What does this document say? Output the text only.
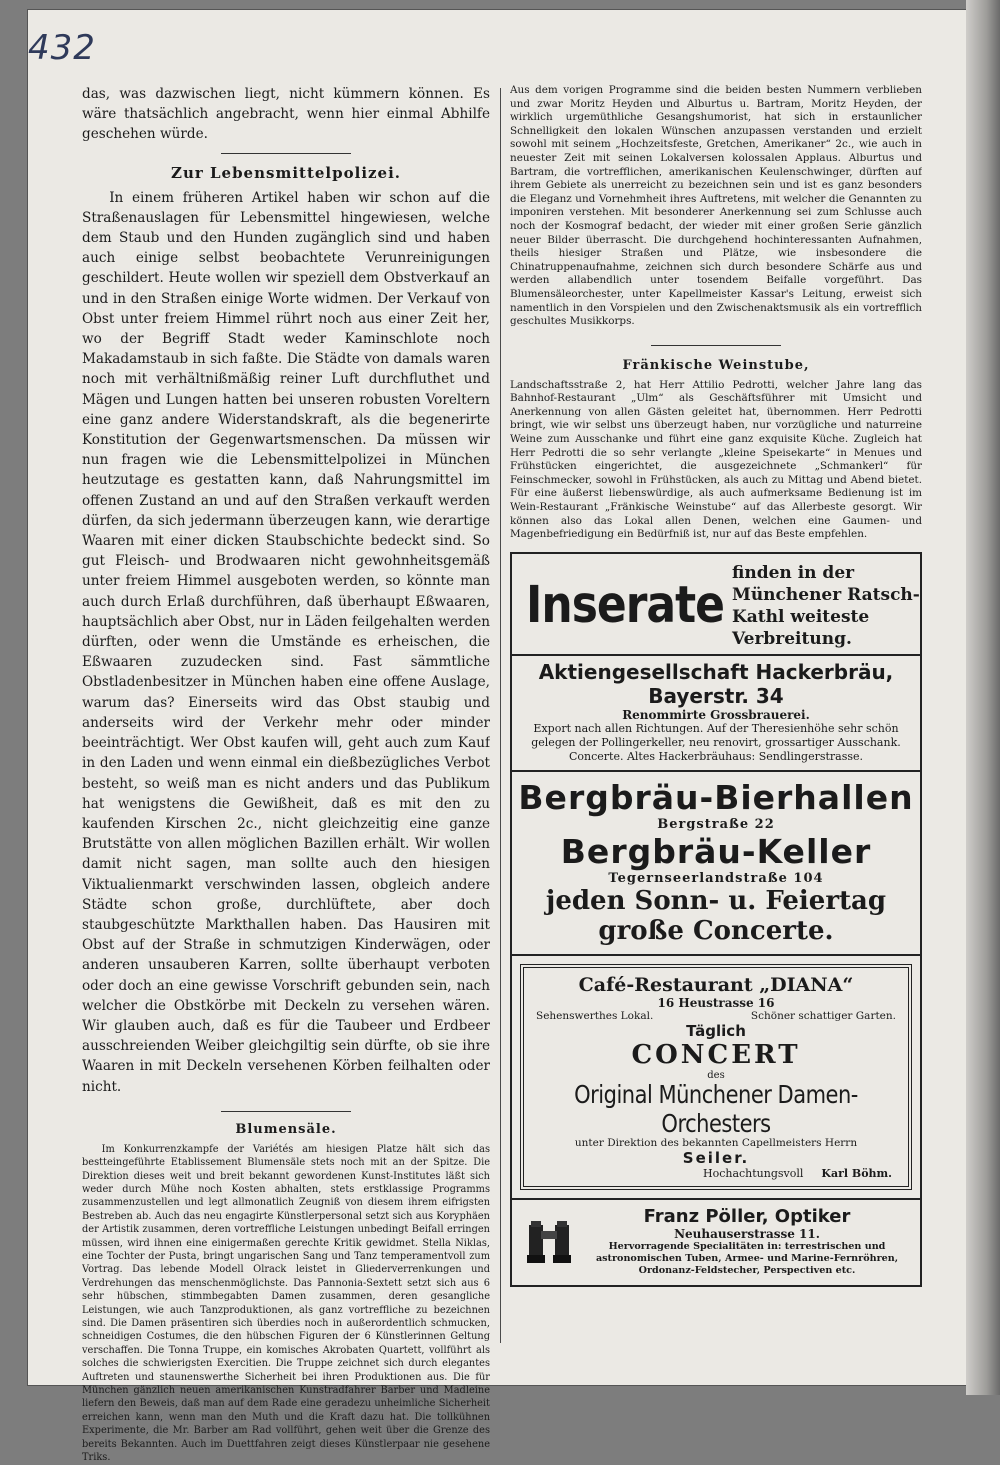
432

das, was dazwischen liegt, nicht kümmern können. Es wäre thatsächlich angebracht, wenn hier einmal Abhilfe geschehen würde.

Zur Lebensmittelpolizei.

In einem früheren Artikel haben wir schon auf die Straßenauslagen für Lebensmittel hingewiesen, welche dem Staub und den Hunden zugänglich sind und haben auch einige selbst beobachtete Verunreinigungen geschildert. Heute wollen wir speziell dem Obstverkauf an und in den Straßen einige Worte widmen. Der Verkauf von Obst unter freiem Himmel rührt noch aus einer Zeit her, wo der Begriff Stadt weder Kaminschlote noch Makadamstaub in sich faßte. Die Städte von damals waren noch mit verhältnißmäßig reiner Luft durchfluthet und Mägen und Lungen hatten bei unseren robusten Voreltern eine ganz andere Widerstandskraft, als die begenerirte Konstitution der Gegenwartsmenschen. Da müssen wir nun fragen wie die Lebensmittelpolizei in München heutzutage es gestatten kann, daß Nahrungsmittel im offenen Zustand an und auf den Straßen verkauft werden dürfen, da sich jedermann überzeugen kann, wie derartige Waaren mit einer dicken Staubschichte bedeckt sind. So gut Fleisch- und Brodwaaren nicht gewohnheitsgemäß unter freiem Himmel ausgeboten werden, so könnte man auch durch Erlaß durchführen, daß überhaupt Eßwaaren, hauptsächlich aber Obst, nur in Läden feilgehalten werden dürften, oder wenn die Umstände es erheischen, die Eßwaaren zuzudecken sind. Fast sämmtliche Obstladenbesitzer in München haben eine offene Auslage, warum das? Einerseits wird das Obst staubig und anderseits wird der Verkehr mehr oder minder beeinträchtigt. Wer Obst kaufen will, geht auch zum Kauf in den Laden und wenn einmal ein dießbezügliches Verbot besteht, so weiß man es nicht anders und das Publikum hat wenigstens die Gewißheit, daß es mit den zu kaufenden Kirschen 2c., nicht gleichzeitig eine ganze Brutstätte von allen möglichen Bazillen erhält. Wir wollen damit nicht sagen, man sollte auch den hiesigen Viktualienmarkt verschwinden lassen, obgleich andere Städte schon große, durchlüftete, aber doch staubgeschützte Markthallen haben. Das Hausiren mit Obst auf der Straße in schmutzigen Kinderwägen, oder anderen unsauberen Karren, sollte überhaupt verboten oder doch an eine gewisse Vorschrift gebunden sein, nach welcher die Obstkörbe mit Deckeln zu versehen wären. Wir glauben auch, daß es für die Taubeer und Erdbeer ausschreienden Weiber gleichgiltig sein dürfte, ob sie ihre Waaren in mit Deckeln versehenen Körben feilhalten oder nicht.

Blumensäle.

Im Konkurrenzkampfe der Variétés am hiesigen Platze hält sich das bestteingeführte Etablissement Blumensäle stets noch mit an der Spitze. Die Direktion dieses weit und breit bekannt gewordenen Kunst-Institutes läßt sich weder durch Mühe noch Kosten abhalten, stets erstklassige Programms zusammenzustellen und legt allmonatlich Zeugniß von diesem ihrem eifrigsten Bestreben ab. Auch das neu engagirte Künstlerpersonal setzt sich aus Koryphäen der Artistik zusammen, deren vortreffliche Leistungen unbedingt Beifall erringen müssen, wird ihnen eine einigermaßen gerechte Kritik gewidmet. Stella Niklas, eine Tochter der Pusta, bringt ungarischen Sang und Tanz temperamentvoll zum Vortrag. Das lebende Modell Olrack leistet in Gliederverrenkungen und Verdrehungen das menschenmöglichste. Das Pannonia-Sextett setzt sich aus 6 sehr hübschen, stimmbegabten Damen zusammen, deren gesangliche Leistungen, wie auch Tanzproduktionen, als ganz vortreffliche zu bezeichnen sind. Die Damen präsentiren sich überdies noch in außerordentlich schmucken, schneidigen Costumes, die den hübschen Figuren der 6 Künstlerinnen Geltung verschaffen. Die Tonna Truppe, ein komisches Akrobaten Quartett, vollführt als solches die schwierigsten Exercitien. Die Truppe zeichnet sich durch elegantes Auftreten und staunenswerthe Sicherheit bei ihren Produktionen aus. Die für München gänzlich neuen amerikanischen Kunstradfahrer Barber und Madleine liefern den Beweis, daß man auf dem Rade eine geradezu unheimliche Sicherheit erreichen kann, wenn man den Muth und die Kraft dazu hat. Die tollkühnen Experimente, die Mr. Barber am Rad vollführt, gehen weit über die Grenze des bereits Bekannten. Auch im Duettfahren zeigt dieses Künstlerpaar nie gesehene Triks.

Aus dem vorigen Programme sind die beiden besten Nummern verblieben und zwar Moritz Heyden und Alburtus u. Bartram, Moritz Heyden, der wirklich urgemüthliche Gesangshumorist, hat sich in erstaunlicher Schnelligkeit den lokalen Wünschen anzupassen verstanden und erzielt sowohl mit seinem „Hochzeitsfeste, Gretchen, Amerikaner“ 2c., wie auch in neuester Zeit mit seinen Lokalversen kolossalen Applaus. Alburtus und Bartram, die vortrefflichen, amerikanischen Keulenschwinger, dürften auf ihrem Gebiete als unerreicht zu bezeichnen sein und ist es ganz besonders die Eleganz und Vornehmheit ihres Auftretens, mit welcher die Genannten zu imponiren verstehen. Mit besonderer Anerkennung sei zum Schlusse auch noch der Kosmograf bedacht, der wieder mit einer großen Serie gänzlich neuer Bilder überrascht. Die durchgehend hochinteressanten Aufnahmen, theils hiesiger Straßen und Plätze, wie insbesondere die Chinatruppenaufnahme, zeichnen sich durch besondere Schärfe aus und werden allabendlich unter tosendem Beifalle vorgeführt. Das Blumensäleorchester, unter Kapellmeister Kassar's Leitung, erweist sich namentlich in den Vorspielen und den Zwischenaktsmusik als ein vortrefflich geschultes Musikkorps.

Fränkische Weinstube,

Landschaftsstraße 2, hat Herr Attilio Pedrotti, welcher Jahre lang das Bahnhof-Restaurant „Ulm“ als Geschäftsführer mit Umsicht und Anerkennung von allen Gästen geleitet hat, übernommen. Herr Pedrotti bringt, wie wir selbst uns überzeugt haben, nur vorzügliche und naturreine Weine zum Ausschanke und führt eine ganz exquisite Küche. Zugleich hat Herr Pedrotti die so sehr verlangte „kleine Speisekarte“ in Menues und Frühstücken eingerichtet, die ausgezeichnete „Schmankerl“ für Feinschmecker, sowohl in Frühstücken, als auch zu Mittag und Abend bietet. Für eine äußerst liebenswürdige, als auch aufmerksame Bedienung ist im Wein-Restaurant „Fränkische Weinstube“ auf das Allerbeste gesorgt. Wir können also das Lokal allen Denen, welchen eine Gaumen- und Magenbefriedigung ein Bedürfniß ist, nur auf das Beste empfehlen.

Inserate
finden in der Münchener Ratsch-
Kathl weiteste Verbreitung.
Aktiengesellschaft Hackerbräu, Bayerstr. 34
Renommirte Grossbrauerei.
Export nach allen Richtungen. Auf der Theresienhöhe sehr schön
gelegen der Pollingerkeller, neu renovirt, grossartiger Ausschank.
Concerte. Altes Hackerbräuhaus: Sendlingerstrasse.
Bergbräu-Bierhallen
Bergstraße 22
Bergbräu-Keller
Tegernseerlandstraße 104
jeden Sonn- u. Feiertag große Concerte.
Café-Restaurant „DIANA“
16 Heustrasse 16
Sehenswerthes Lokal.	Schöner schattiger Garten.
Täglich
CONCERT
des
Original Münchener Damen-Orchesters
unter Direktion des bekannten Capellmeisters Herrn
Seiler.
Hochachtungsvoll Karl Böhm.
Franz Pöller, Optiker
Neuhauserstrasse 11.
Hervorragende Specialitäten in: terrestrischen und astronomischen Tuben, Armee- und Marine-Fernröhren, Ordonanz-Feldstecher, Perspectiven etc.
